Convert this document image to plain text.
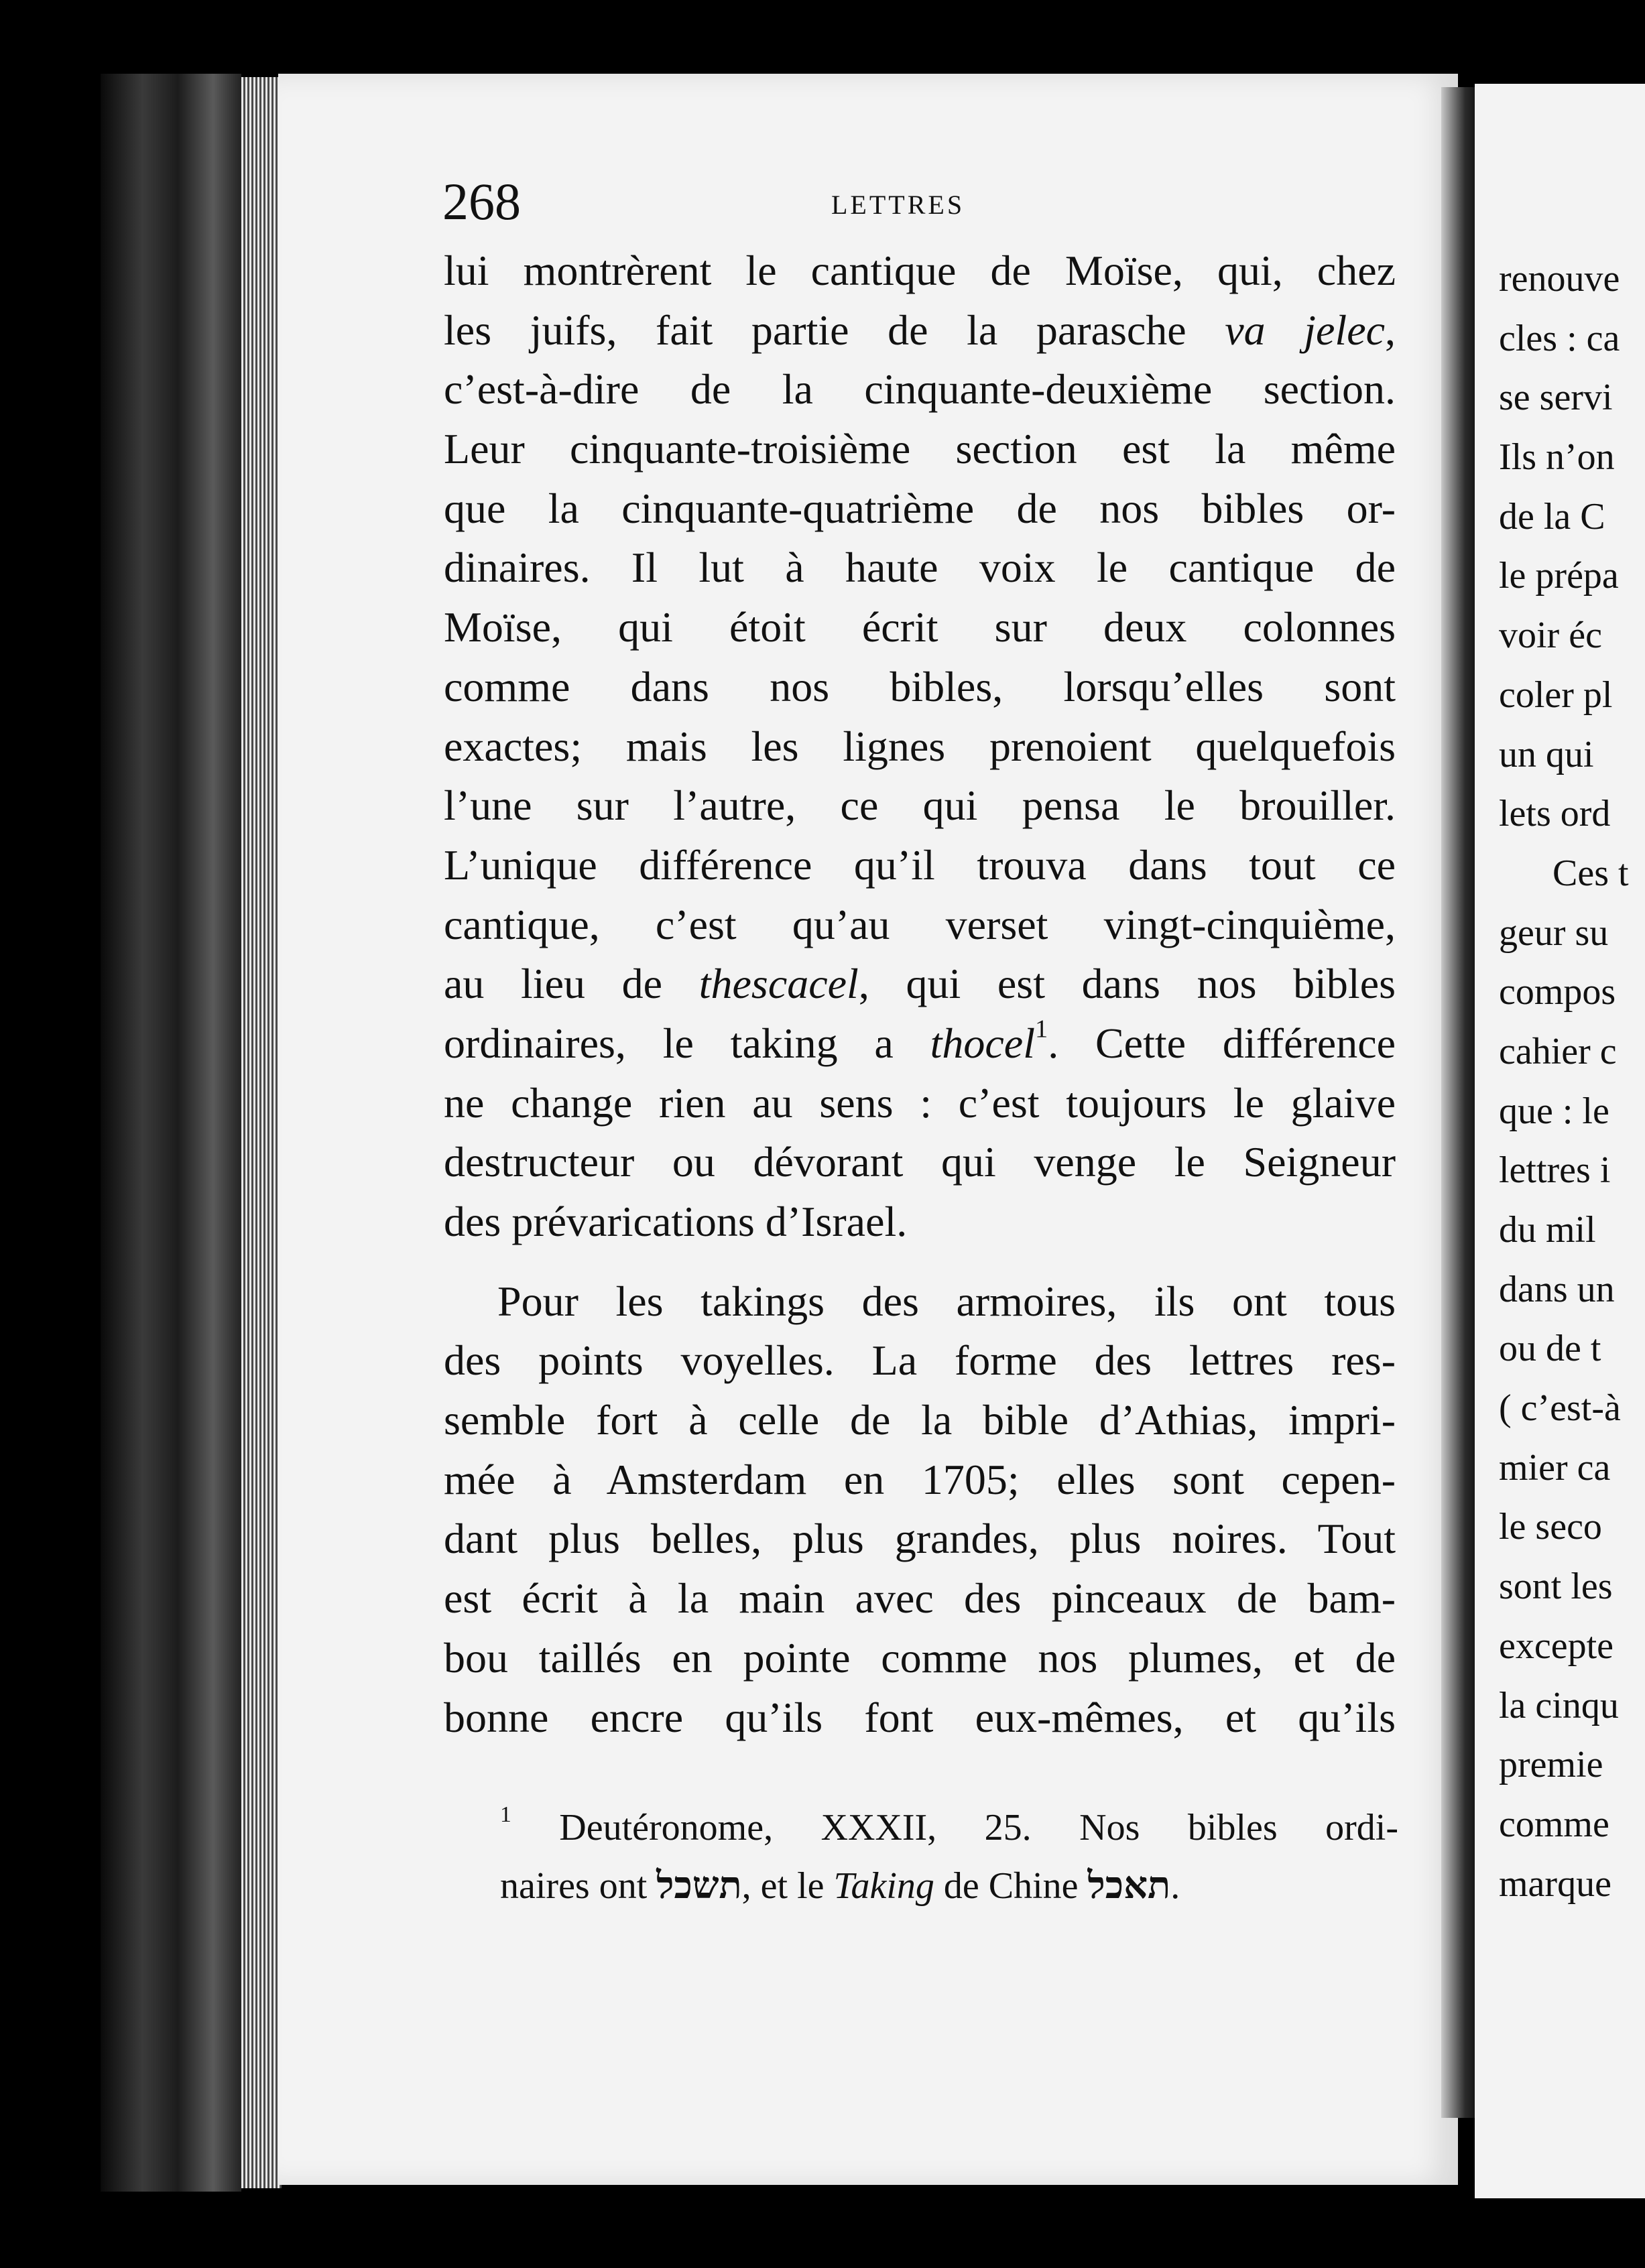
268	LETTRES
lui montrèrent le cantique de Moïse, qui, chez
les juifs, fait partie de la parasche va jelec,
c’est-à-dire de la cinquante-deuxième section.
Leur cinquante-troisième section est la même
que la cinquante-quatrième de nos bibles or-
dinaires. Il lut à haute voix le cantique de
Moïse, qui étoit écrit sur deux colonnes
comme dans nos bibles, lorsqu’elles sont
exactes; mais les lignes prenoient quelquefois
l’une sur l’autre, ce qui pensa le brouiller.
L’unique différence qu’il trouva dans tout ce
cantique, c’est qu’au verset vingt-cinquième,
au lieu de thescacel, qui est dans nos bibles
ordinaires, le taking a thocel$^1$. Cette différence
ne change rien au sens : c’est toujours le glaive
destructeur ou dévorant qui venge le Seigneur
des prévarications d’Israel.
Pour les takings des armoires, ils ont tous
des points voyelles. La forme des lettres res-
semble fort à celle de la bible d’Athias, impri-
mée à Amsterdam en 1705; elles sont cepen-
dant plus belles, plus grandes, plus noires. Tout
est écrit à la main avec des pinceaux de bam-
bou taillés en pointe comme nos plumes, et de
bonne encre qu’ils font eux-mêmes, et qu’ils
$^1$ Deutéronome, XXXII, 25. Nos bibles ordi-
naires ont תשכל, et le Taking de Chine תאכל.
renouve
cles : ca
se servi
Ils n’on
de la C
le prépa
voir éc
coler pl
un qui
lets ord
Ces t
geur su
compos
cahier c
que : le
lettres i
du mil
dans un
ou de t
( c’est-à
mier ca
le seco
sont les
excepte
la cinqu
premie
comme
marque
